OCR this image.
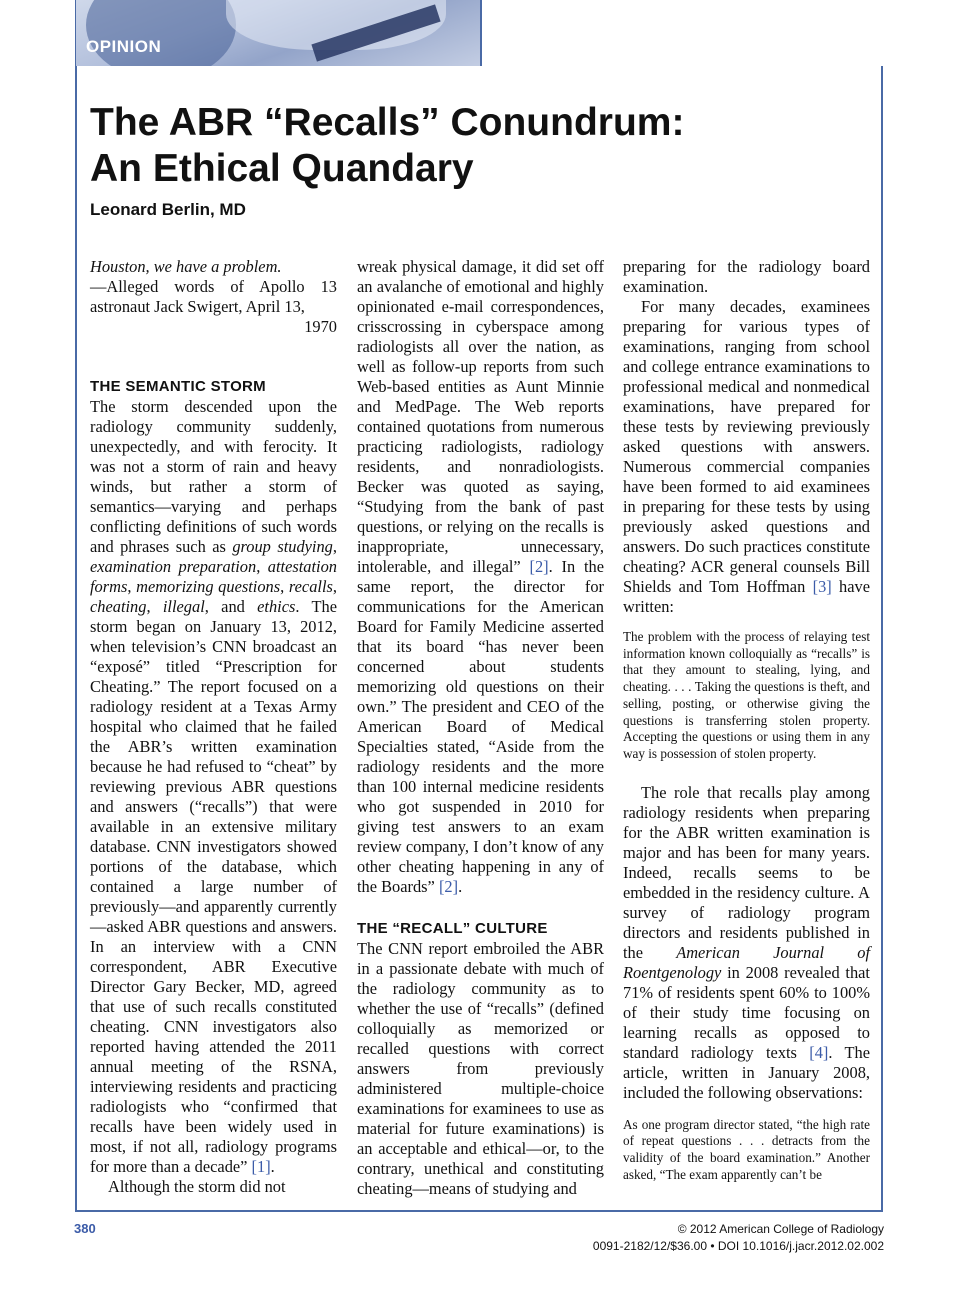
OPINION

The ABR “Recalls” Conundrum:
An Ethical Quandary

Leonard Berlin, MD

Houston, we have a problem.

—Alleged words of Apollo 13 astronaut Jack Swigert, April 13,

1970

THE SEMANTIC STORM

The storm descended upon the radiology community suddenly, unexpectedly, and with ferocity. It was not a storm of rain and heavy winds, but rather a storm of semantics—varying and perhaps conflicting definitions of such words and phrases such as group studying, examination preparation, attestation forms, memorizing questions, recalls, cheating, illegal, and ethics. The storm began on January 13, 2012, when television’s CNN broadcast an “exposé” titled “Prescription for Cheating.” The report focused on a radiology resident at a Texas Army hospital who claimed that he failed the ABR’s written examination because he had refused to “cheat” by reviewing previous ABR questions and answers (“recalls”) that were available in an extensive military database. CNN investigators showed portions of the database, which contained a large number of previously—and apparently currently—asked ABR questions and answers. In an interview with a CNN correspondent, ABR Executive Director Gary Becker, MD, agreed that use of such recalls constituted cheating. CNN investigators also reported having attended the 2011 annual meeting of the RSNA, interviewing residents and practicing radiologists who “confirmed that recalls have been widely used in most, if not all, radiology programs for more than a decade” [1].

Although the storm did not

wreak physical damage, it did set off an avalanche of emotional and highly opinionated e-mail correspondences, crisscrossing in cyberspace among radiologists all over the nation, as well as follow-up reports from such Web-based entities as Aunt Minnie and MedPage. The Web reports contained quotations from numerous practicing radiologists, radiology residents, and nonradiologists. Becker was quoted as saying, “Studying from the bank of past questions, or relying on the recalls is inappropriate, unnecessary, intolerable, and illegal” [2]. In the same report, the director for communications for the American Board for Family Medicine asserted that its board “has never been concerned about students memorizing old questions on their own.” The president and CEO of the American Board of Medical Specialties stated, “Aside from the radiology residents and the more than 100 internal medicine residents who got suspended in 2010 for giving test answers to an exam review company, I don’t know of any other cheating happening in any of the Boards” [2].

THE “RECALL” CULTURE

The CNN report embroiled the ABR in a passionate debate with much of the radiology community as to whether the use of “recalls” (defined colloquially as memorized or recalled questions with correct answers from previously administered multiple-choice examinations for examinees to use as material for future examinations) is an acceptable and ethical—or, to the contrary, unethical and constituting cheating—means of studying and

preparing for the radiology board examination.

For many decades, examinees preparing for various types of examinations, ranging from school and college entrance examinations to professional medical and nonmedical examinations, have prepared for these tests by reviewing previously asked questions with answers. Numerous commercial companies have been formed to aid examinees in preparing for these tests by using previously asked questions and answers. Do such practices constitute cheating? ACR general counsels Bill Shields and Tom Hoffman [3] have written:

The problem with the process of relaying test information known colloquially as “recalls” is that they amount to stealing, lying, and cheating. . . . Taking the questions is theft, and selling, posting, or otherwise giving the questions is transferring stolen property. Accepting the questions or using them in any way is possession of stolen property.

The role that recalls play among radiology residents when preparing for the ABR written examination is major and has been for many years. Indeed, recalls seems to be embedded in the residency culture. A survey of radiology program directors and residents published in the American Journal of Roentgenology in 2008 revealed that 71% of residents spent 60% to 100% of their study time focusing on learning recalls as opposed to standard radiology texts [4]. The article, written in January 2008, included the following observations:

As one program director stated, “the high rate of repeat questions . . . detracts from the validity of the board examination.” Another asked, “The exam apparently can’t be

380	© 2012 American College of Radiology
0091-2182/12/$36.00 • DOI 10.1016/j.jacr.2012.02.002
